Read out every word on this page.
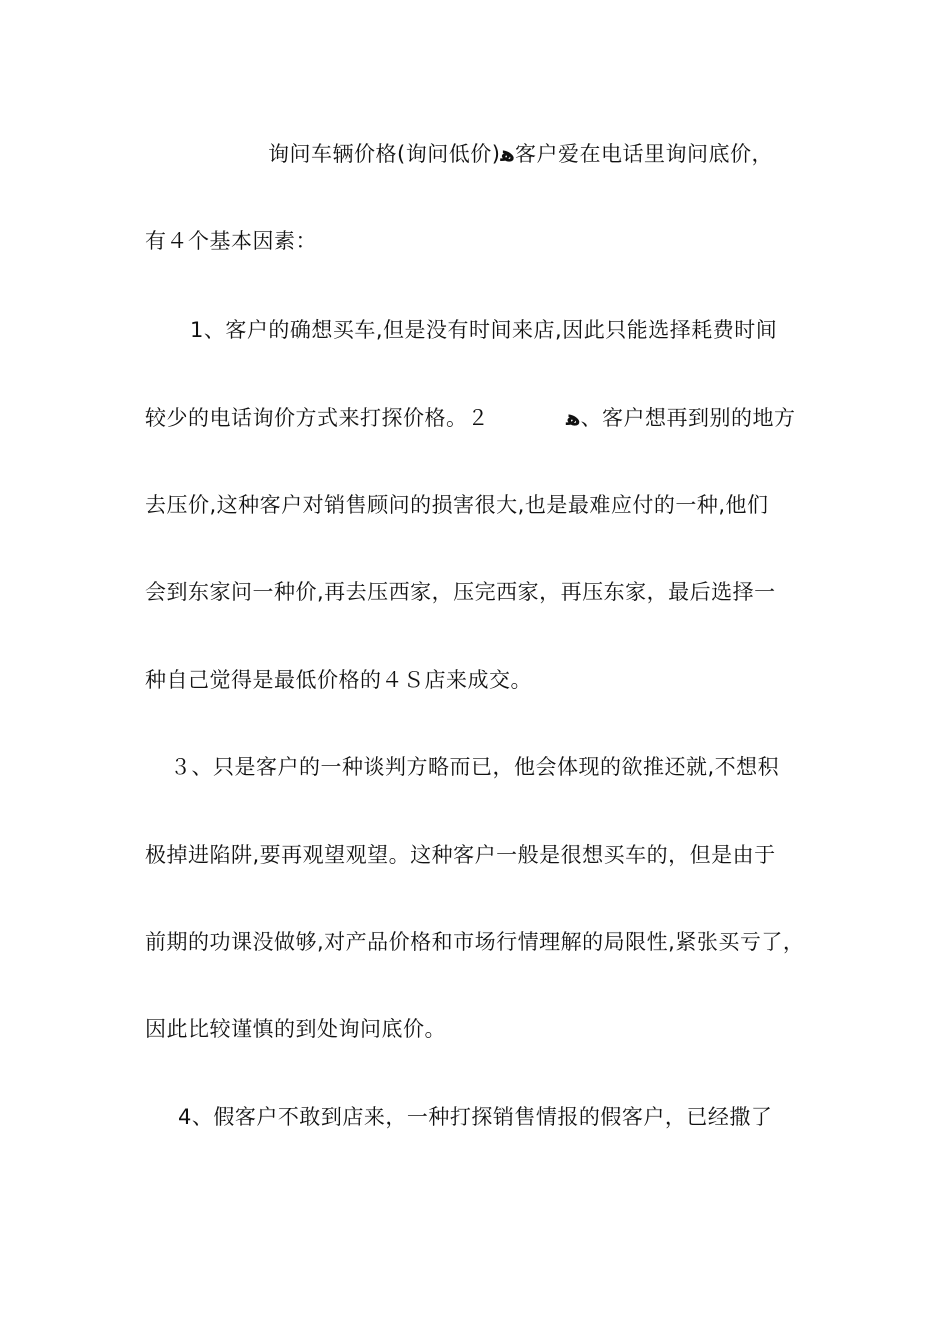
询问车辆价格(询问低价)ﻫ客户爱在电话里询问底价，
有４个基本因素：
1、客户的确想买车,但是没有时间来店,因此只能选择耗费时间
较少的电话询价方式来打探价格。２	ﻫ、客户想再到别的地方
去压价,这种客户对销售顾问的损害很大,也是最难应付的一种,他们
会到东家问一种价,再去压西家，压完西家，再压东家，最后选择一
种自己觉得是最低价格的４Ｓ店来成交。
３、只是客户的一种谈判方略而已，他会体现的欲推还就,不想积
极掉进陷阱,要再观望观望。这种客户一般是很想买车的，但是由于
前期的功课没做够,对产品价格和市场行情理解的局限性,紧张买亏了，
因此比较谨慎的到处询问底价。
4、假客户不敢到店来，一种打探销售情报的假客户，已经撒了
